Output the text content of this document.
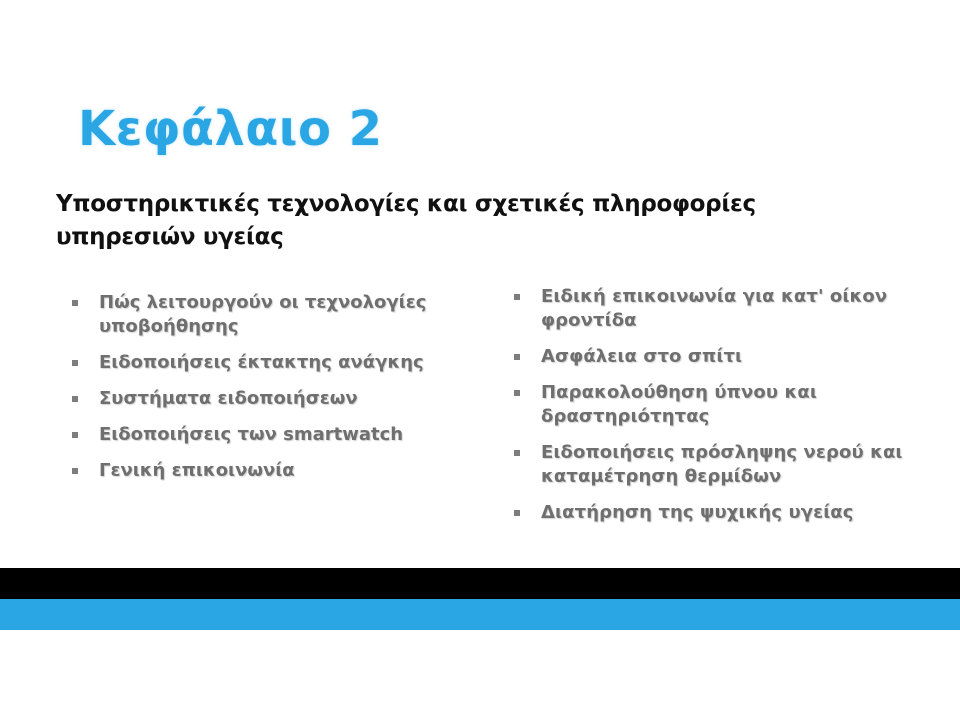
Κεφάλαιο 2
Υποστηρικτικές τεχνολογίες και σχετικές πληροφορίες υπηρεσιών υγείας
Πώς λειτουργούν οι τεχνολογίες υποβοήθησης
Ειδοποιήσεις έκτακτης ανάγκης
Συστήματα ειδοποιήσεων
Ειδοποιήσεις των smartwatch
Γενική επικοινωνία
Ειδική επικοινωνία για κατ' οίκον φροντίδα
Ασφάλεια στο σπίτι
Παρακολούθηση ύπνου και δραστηριότητας
Ειδοποιήσεις πρόσληψης νερού και καταμέτρηση θερμίδων
Διατήρηση της ψυχικής υγείας
